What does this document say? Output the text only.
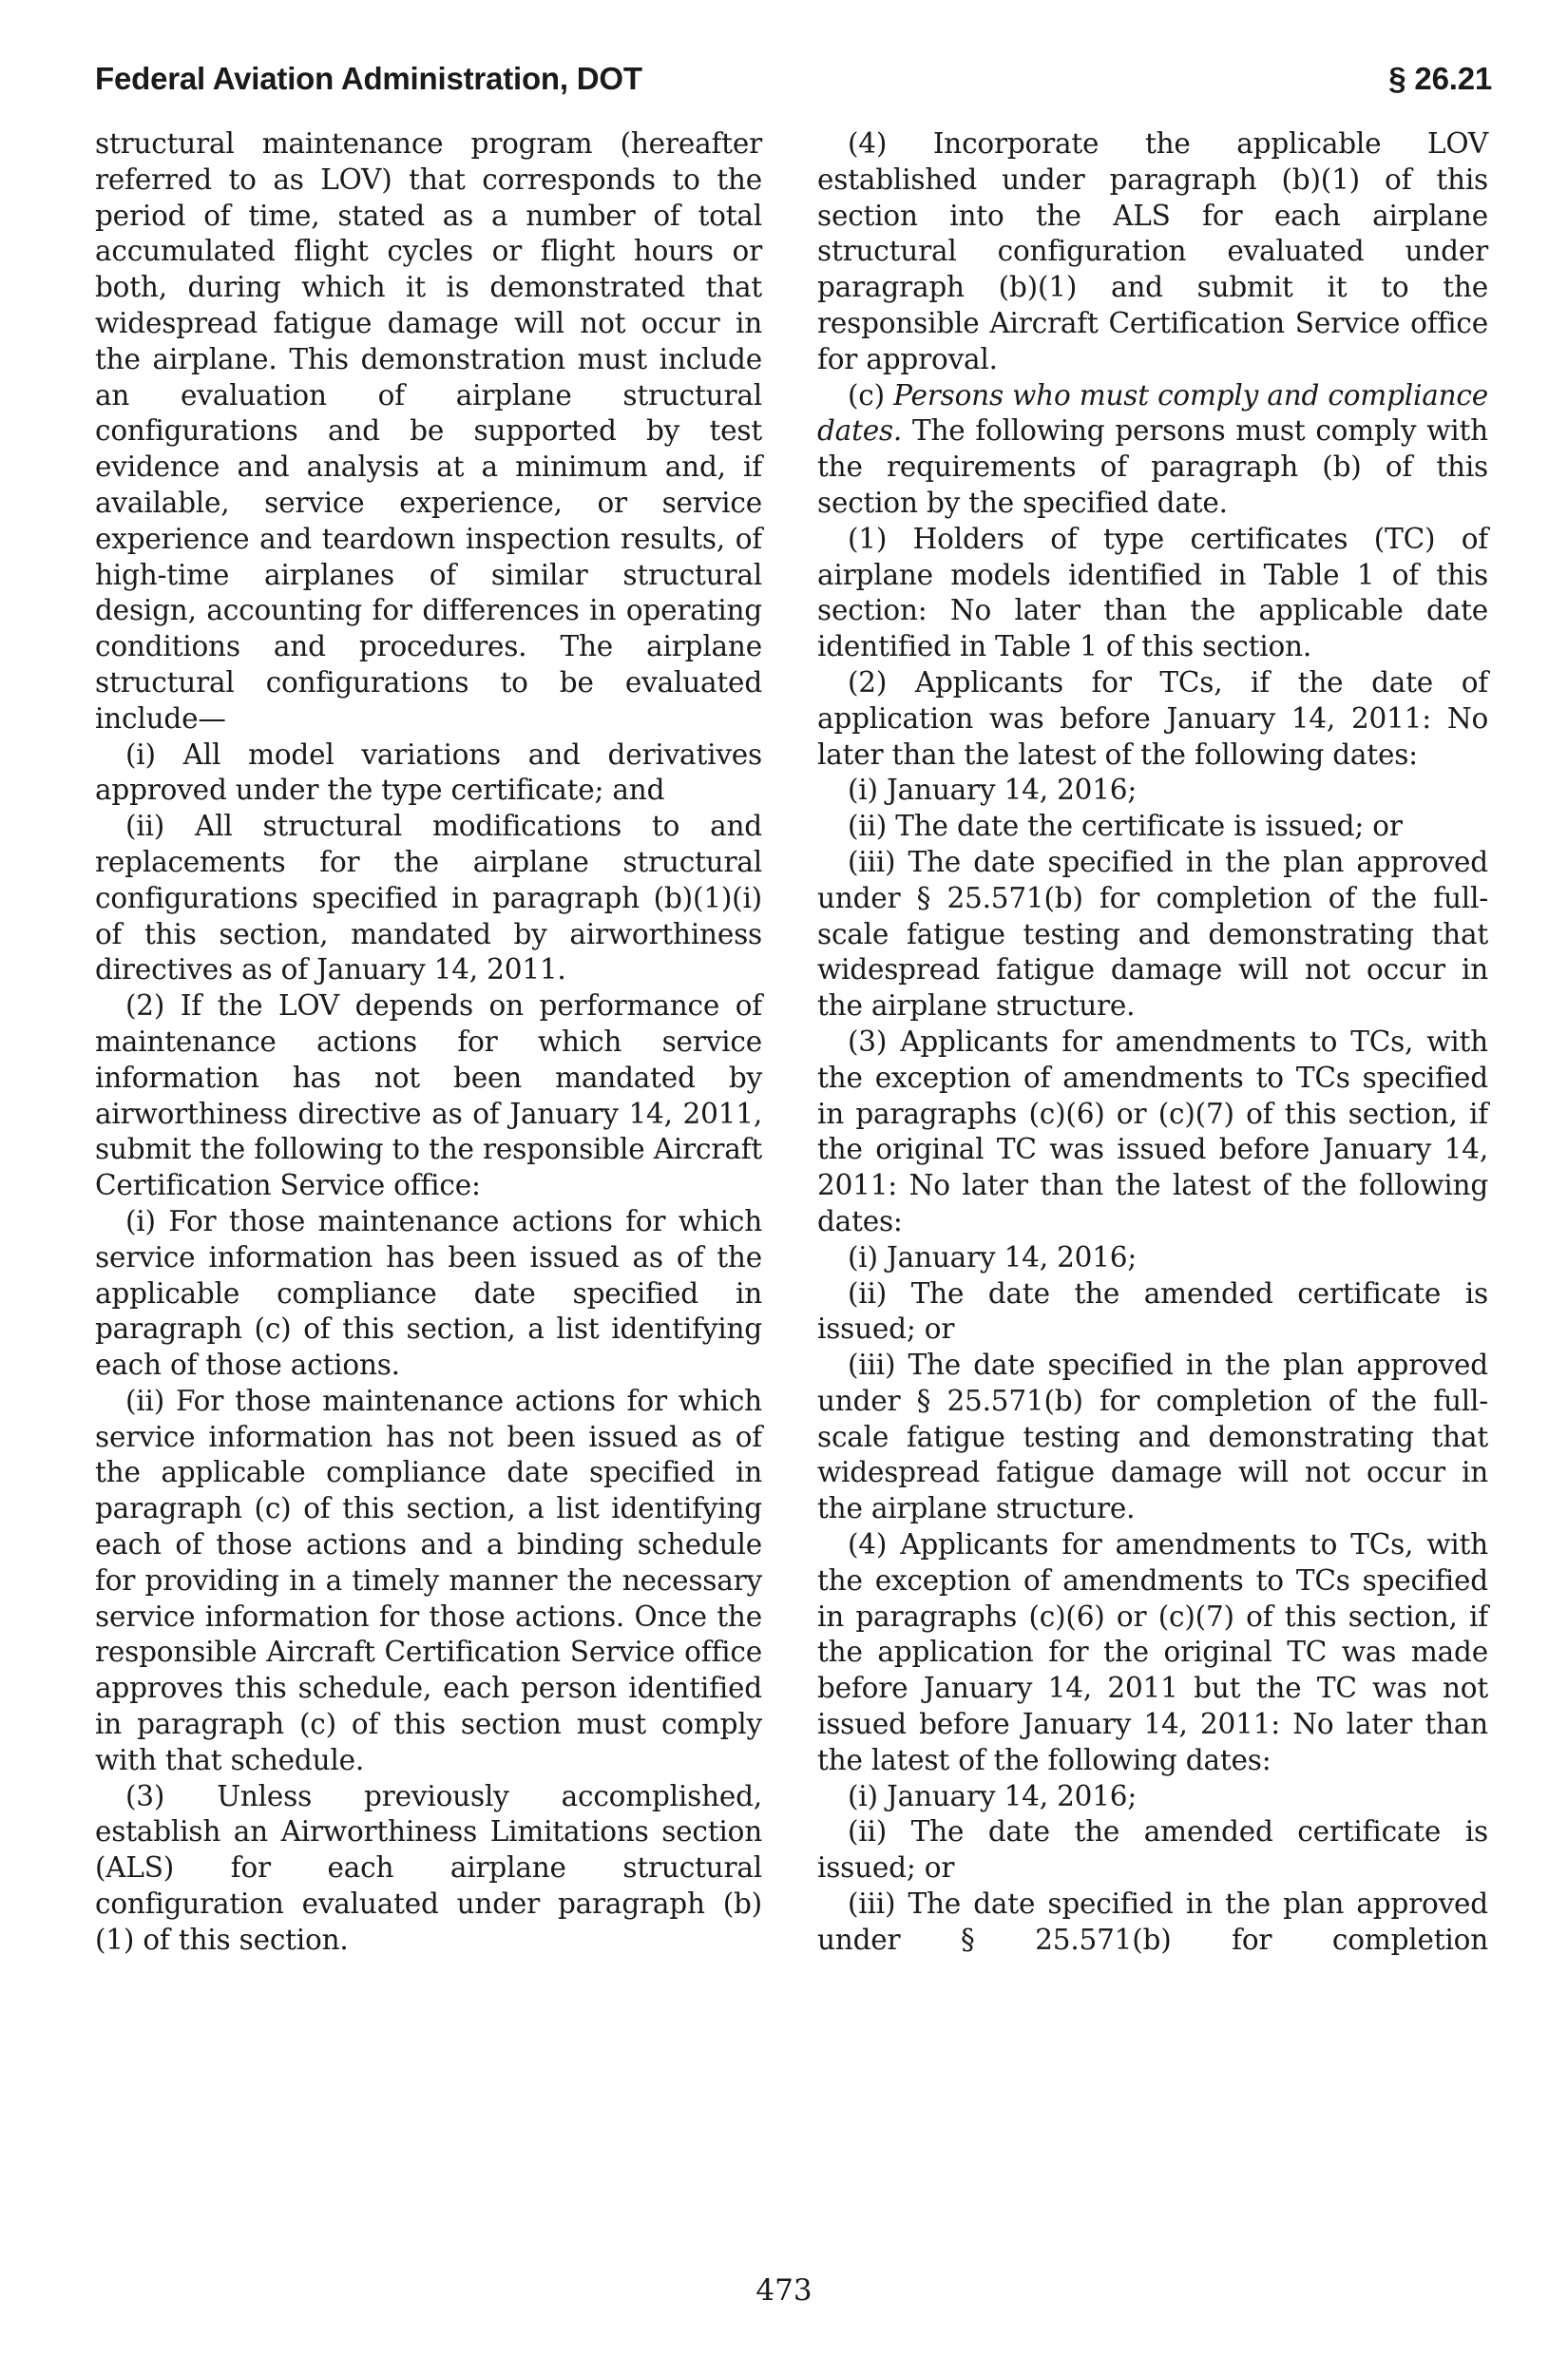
Federal Aviation Administration, DOT	§ 26.21

structural maintenance program (hereafter referred to as LOV) that corresponds to the period of time, stated as a number of total accumulated flight cycles or flight hours or both, during which it is demonstrated that widespread fatigue damage will not occur in the airplane. This demonstration must include an evaluation of airplane structural configurations and be supported by test evidence and analysis at a minimum and, if available, service experience, or service experience and teardown inspection results, of high-time airplanes of similar structural design, accounting for differences in operating conditions and procedures. The airplane structural configurations to be evaluated include—

(i) All model variations and derivatives approved under the type certificate; and

(ii) All structural modifications to and replacements for the airplane structural configurations specified in paragraph (b)(1)(i) of this section, mandated by airworthiness directives as of January 14, 2011.

(2) If the LOV depends on performance of maintenance actions for which service information has not been mandated by airworthiness directive as of January 14, 2011, submit the following to the responsible Aircraft Certification Service office:

(i) For those maintenance actions for which service information has been issued as of the applicable compliance date specified in paragraph (c) of this section, a list identifying each of those actions.

(ii) For those maintenance actions for which service information has not been issued as of the applicable compliance date specified in paragraph (c) of this section, a list identifying each of those actions and a binding schedule for providing in a timely manner the necessary service information for those actions. Once the responsible Aircraft Certification Service office approves this schedule, each person identified in paragraph (c) of this section must comply with that schedule.

(3) Unless previously accomplished, establish an Airworthiness Limitations section (ALS) for each airplane structural configuration evaluated under paragraph (b)(1) of this section.

(4) Incorporate the applicable LOV established under paragraph (b)(1) of this section into the ALS for each airplane structural configuration evaluated under paragraph (b)(1) and submit it to the responsible Aircraft Certification Service office for approval.

(c) Persons who must comply and compliance dates. The following persons must comply with the requirements of paragraph (b) of this section by the specified date.

(1) Holders of type certificates (TC) of airplane models identified in Table 1 of this section: No later than the applicable date identified in Table 1 of this section.

(2) Applicants for TCs, if the date of application was before January 14, 2011: No later than the latest of the following dates:

(i) January 14, 2016;

(ii) The date the certificate is issued; or

(iii) The date specified in the plan approved under § 25.571(b) for completion of the full-scale fatigue testing and demonstrating that widespread fatigue damage will not occur in the airplane structure.

(3) Applicants for amendments to TCs, with the exception of amendments to TCs specified in paragraphs (c)(6) or (c)(7) of this section, if the original TC was issued before January 14, 2011: No later than the latest of the following dates:

(i) January 14, 2016;

(ii) The date the amended certificate is issued; or

(iii) The date specified in the plan approved under § 25.571(b) for completion of the full-scale fatigue testing and demonstrating that widespread fatigue damage will not occur in the airplane structure.

(4) Applicants for amendments to TCs, with the exception of amendments to TCs specified in paragraphs (c)(6) or (c)(7) of this section, if the application for the original TC was made before January 14, 2011 but the TC was not issued before January 14, 2011: No later than the latest of the following dates:

(i) January 14, 2016;

(ii) The date the amended certificate is issued; or

(iii) The date specified in the plan approved under § 25.571(b) for completion

473
